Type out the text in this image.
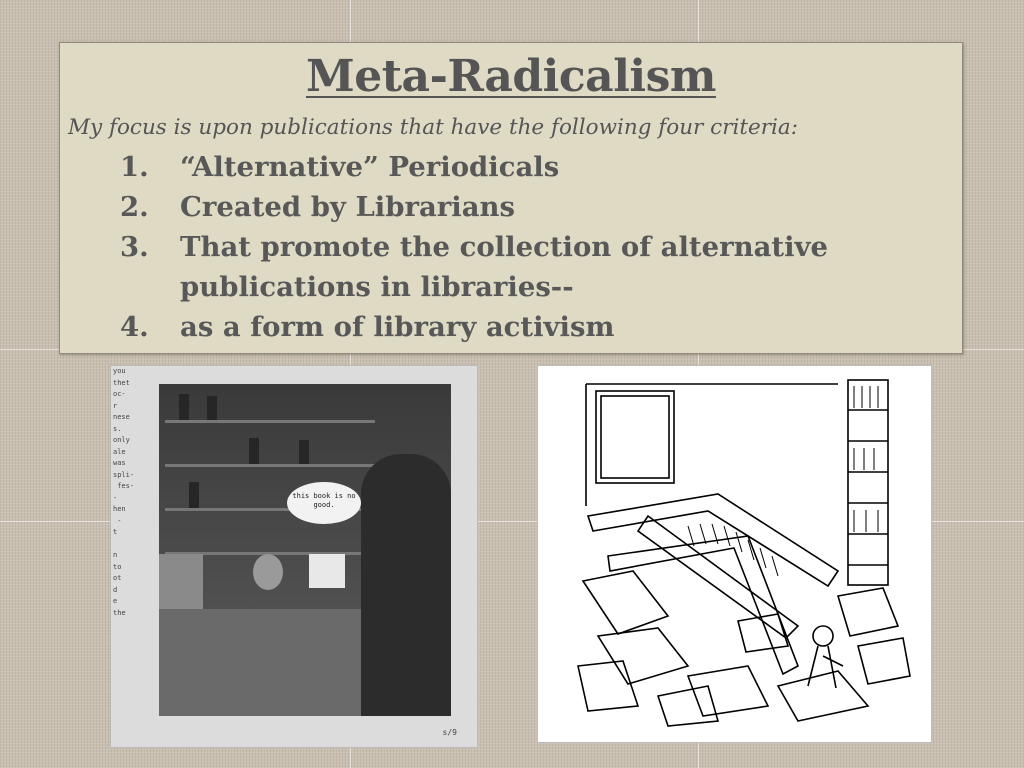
Meta-Radicalism
My focus is upon publications that have the following four criteria:
1.	“Alternative” Periodicals
2.	Created by Librarians
3.	That promote the collection of alternative publications in libraries--
4.	as a form of library activism
you
thet
oc-
r
nese
s.
only
ale
was
spli-
fes-
-
hen
-
t

n
to
ot
d
e
the
this book is no good.
s/9
